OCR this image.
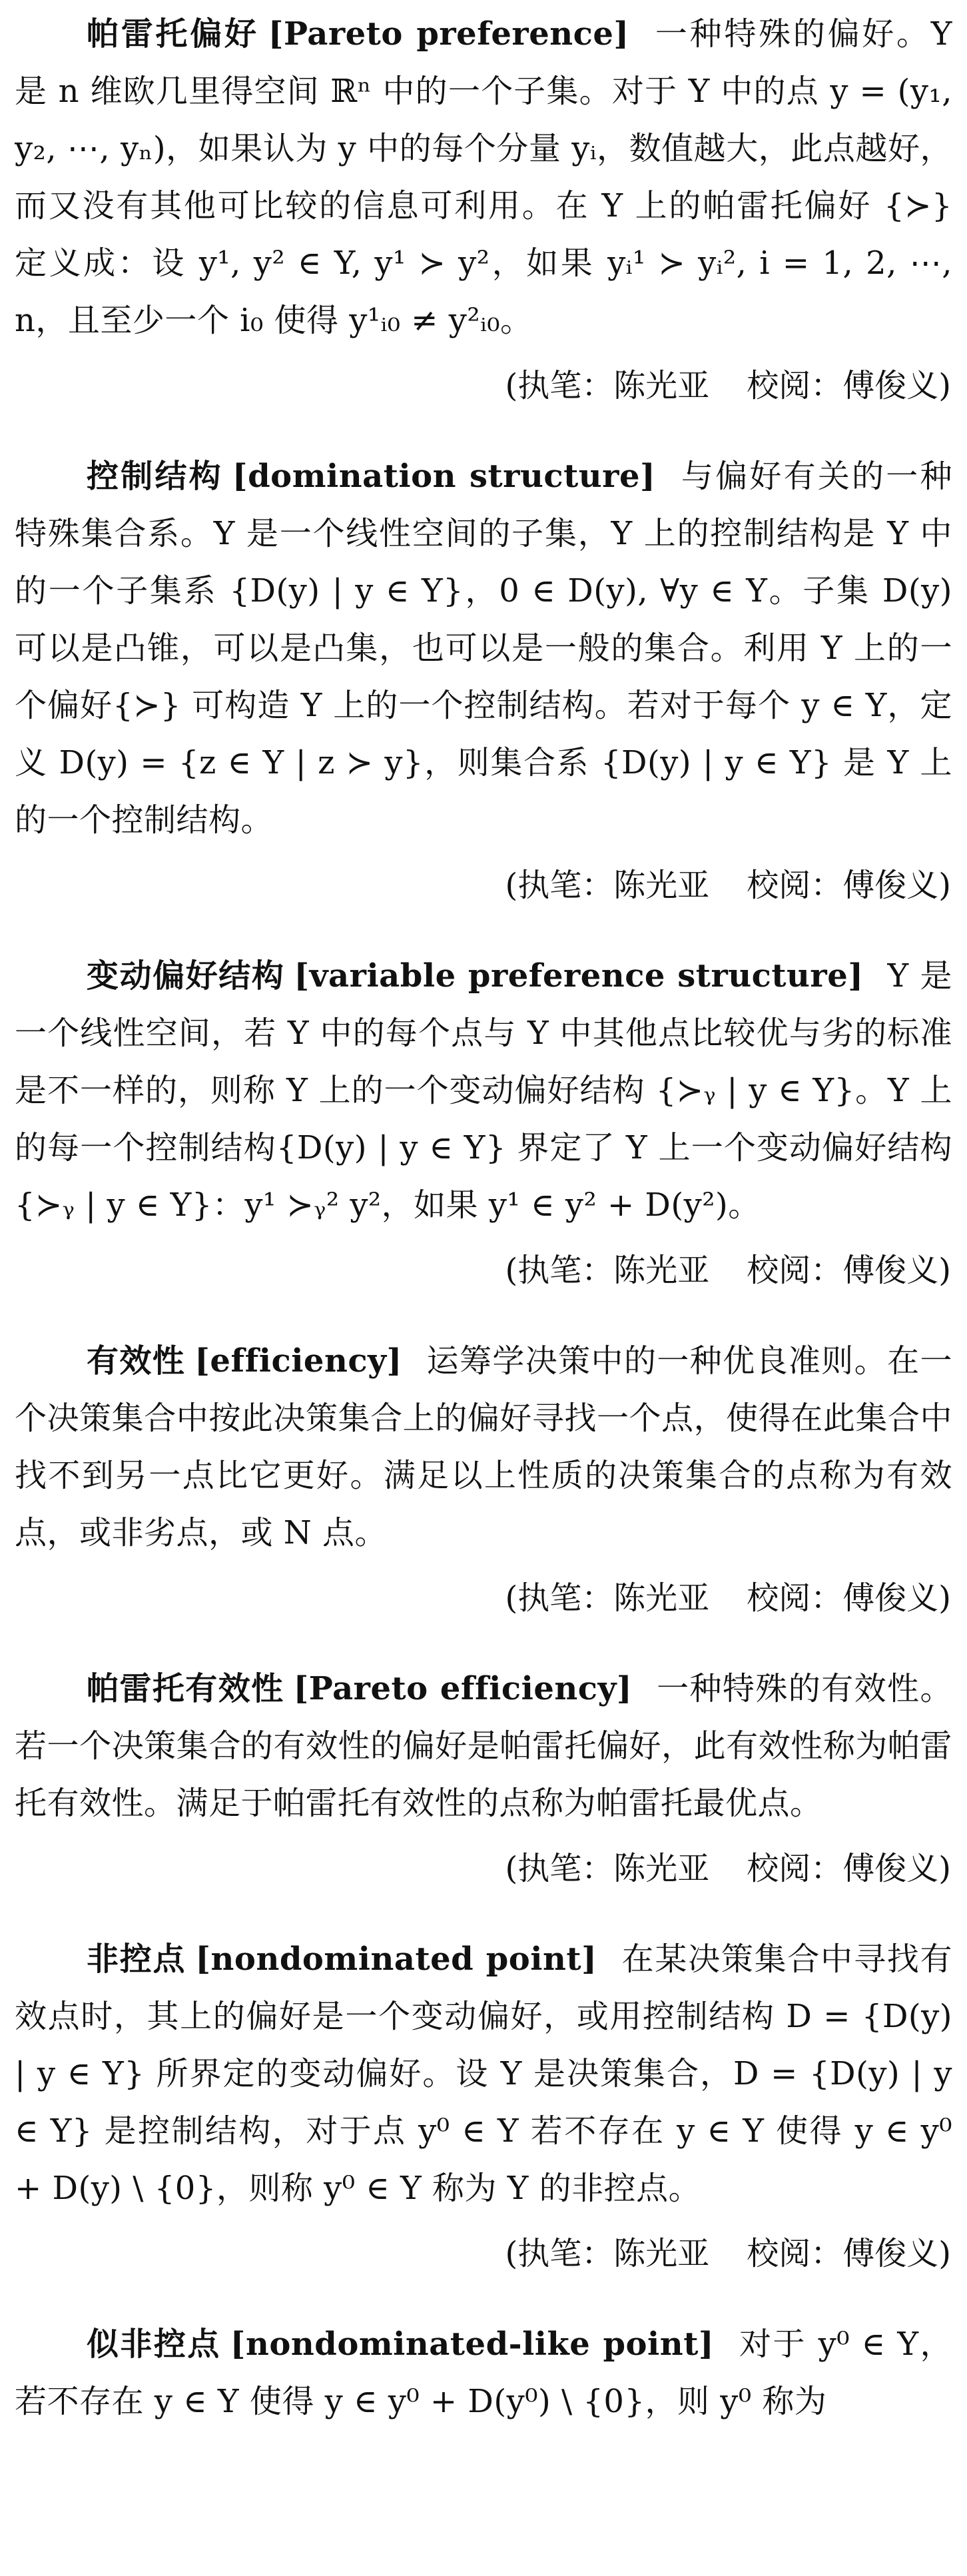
帕雷托偏好 [Pareto preference] 一种特殊的偏好。Y 是 n 维欧几里得空间 ℝⁿ 中的一个子集。对于 Y 中的点 y = (y₁, y₂, ⋯, yₙ)，如果认为 y 中的每个分量 yᵢ，数值越大，此点越好，而又没有其他可比较的信息可利用。在 Y 上的帕雷托偏好 {≻} 定义成：设 y¹, y² ∈ Y, y¹ ≻ y²，如果 yᵢ¹ ≻ yᵢ², i = 1, 2, ⋯, n，且至少一个 i₀ 使得 y¹ᵢ₀ ≠ y²ᵢ₀。

(执笔：陈光亚 校阅：傅俊义)

控制结构 [domination structure] 与偏好有关的一种特殊集合系。Y 是一个线性空间的子集，Y 上的控制结构是 Y 中的一个子集系 {D(y) | y ∈ Y}，0 ∈ D(y), ∀y ∈ Y。子集 D(y) 可以是凸锥，可以是凸集，也可以是一般的集合。利用 Y 上的一个偏好{≻} 可构造 Y 上的一个控制结构。若对于每个 y ∈ Y，定义 D(y) = {z ∈ Y | z ≻ y}，则集合系 {D(y) | y ∈ Y} 是 Y 上的一个控制结构。

(执笔：陈光亚 校阅：傅俊义)

变动偏好结构 [variable preference structure] Y 是一个线性空间，若 Y 中的每个点与 Y 中其他点比较优与劣的标准是不一样的，则称 Y 上的一个变动偏好结构 {≻ᵧ | y ∈ Y}。Y 上的每一个控制结构{D(y) | y ∈ Y} 界定了 Y 上一个变动偏好结构 {≻ᵧ | y ∈ Y}：y¹ ≻ᵧ² y²，如果 y¹ ∈ y² + D(y²)。

(执笔：陈光亚 校阅：傅俊义)

有效性 [efficiency] 运筹学决策中的一种优良准则。在一个决策集合中按此决策集合上的偏好寻找一个点，使得在此集合中找不到另一点比它更好。满足以上性质的决策集合的点称为有效点，或非劣点，或 N 点。

(执笔：陈光亚 校阅：傅俊义)

帕雷托有效性 [Pareto efficiency] 一种特殊的有效性。若一个决策集合的有效性的偏好是帕雷托偏好，此有效性称为帕雷托有效性。满足于帕雷托有效性的点称为帕雷托最优点。

(执笔：陈光亚 校阅：傅俊义)

非控点 [nondominated point] 在某决策集合中寻找有效点时，其上的偏好是一个变动偏好，或用控制结构 D = {D(y) | y ∈ Y} 所界定的变动偏好。设 Y 是决策集合，D = {D(y) | y ∈ Y} 是控制结构，对于点 y⁰ ∈ Y 若不存在 y ∈ Y 使得 y ∈ y⁰ + D(y) \ {0}，则称 y⁰ ∈ Y 称为 Y 的非控点。

(执笔：陈光亚 校阅：傅俊义)

似非控点 [nondominated-like point] 对于 y⁰ ∈ Y，若不存在 y ∈ Y 使得 y ∈ y⁰ + D(y⁰) \ {0}，则 y⁰ 称为
